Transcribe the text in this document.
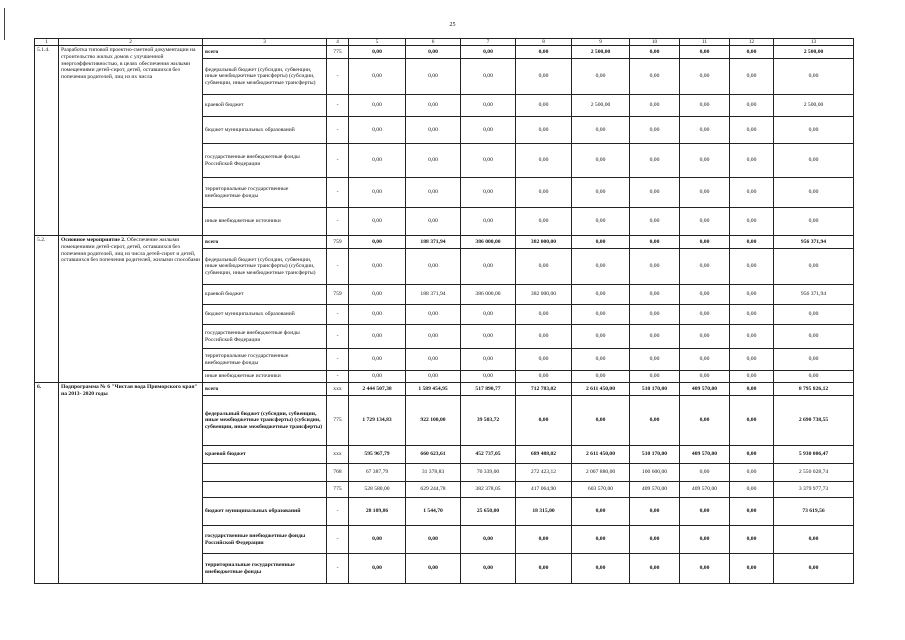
25
1	2	3	4	5	6	7	8	9	10	11	12	13
5.1.4.	Разработка типовой проектно-сметной документации на строительство жилых домов с улучшенной энергоэффективностью, в целях обеспечения жилыми помещениями детей-сирот, детей, оставшихся без попечения родителей, лиц из их числа	всего	775	0,00	0,00	0,00	0,00	2 500,00	0,00	0,00	0,00	2 500,00
		федеральный бюджет (субсидии, субвенции, иные межбюджетные трансферты) (субсидии, субвенции, иные межбюджетные трансферты)	-	0,00	0,00	0,00	0,00	0,00	0,00	0,00	0,00	0,00
		краевой бюджет	-	0,00	0,00	0,00	0,00	2 500,00	0,00	0,00	0,00	2 500,00
		бюджет муниципальных образований	-	0,00	0,00	0,00	0,00	0,00	0,00	0,00	0,00	0,00
		государственные внебюджетные фонды Российской Федерации	-	0,00	0,00	0,00	0,00	0,00	0,00	0,00	0,00	0,00
		территориальные государственные внебюджетные фонды	-	0,00	0,00	0,00	0,00	0,00	0,00	0,00	0,00	0,00
		иные внебюджетные источники	-	0,00	0,00	0,00	0,00	0,00	0,00	0,00	0,00	0,00
5.2.	Основное мероприятие 2. Обеспечение жилыми помещениями детей-сирот, детей, оставшихся без попечения родителей, лиц из числа детей-сирот и детей, оставшихся без попечения родителей, жилыми способами	всего	759	0,00	188 371,94	386 000,00	382 000,00	0,00	0,00	0,00	0,00	956 371,94
		федеральный бюджет (субсидии, субвенции, иные межбюджетные трансферты) (субсидии, субвенции, иные межбюджетные трансферты)	-	0,00	0,00	0,00	0,00	0,00	0,00	0,00	0,00	0,00
		краевой бюджет	759	0,00	188 371,94	386 000,00	382 000,00	0,00	0,00	0,00	0,00	956 371,94
		бюджет муниципальных образований	-	0,00	0,00	0,00	0,00	0,00	0,00	0,00	0,00	0,00
		государственные внебюджетные фонды Российской Федерации	-	0,00	0,00	0,00	0,00	0,00	0,00	0,00	0,00	0,00
		территориальные государственные внебюджетные фонды	-	0,00	0,00	0,00	0,00	0,00	0,00	0,00	0,00	0,00
		иные внебюджетные источники	-	0,00	0,00	0,00	0,00	0,00	0,00	0,00	0,00	0,00
6.	Подпрограмма № 6 "Чистая вода Приморского края" на 2013- 2020 годы	всего	xxx	2 444 507,38	1 589 454,95	517 890,77	712 783,02	2 611 450,00	510 170,00	409 570,00	0,00	8 795 826,12
		федеральный бюджет (субсидии, субвенции, иные межбюджетные трансферты) (субсидии, субвенции, иные межбюджетные трансферты)	775	1 729 134,83	922 100,00	39 503,72	0,00	0,00	0,00	0,00	0,00	2 690 738,55
		краевой бюджет	xxx	595 967,79	660 623,61	452 737,05	689 488,02	2 611 450,00	510 170,00	409 570,00	0,00	5 930 006,47
			768	67 387,79	31 378,83	70 339,00	272 423,12	2 007 880,00	100 600,00	0,00	0,00	2 550 028,74
			775	528 580,00	629 244,78	382 378,05	417 064,90	603 570,00	409 570,00	409 570,00	0,00	3 379 977,73
		бюджет муниципальных образований	-	28 109,86	1 544,70	25 650,00	18 315,00	0,00	0,00	0,00	0,00	73 619,56
		государственные внебюджетные фонды Российской Федерации	-	0,00	0,00	0,00	0,00	0,00	0,00	0,00	0,00	0,00
		территориальные государственные внебюджетные фонды	-	0,00	0,00	0,00	0,00	0,00	0,00	0,00	0,00	0,00
